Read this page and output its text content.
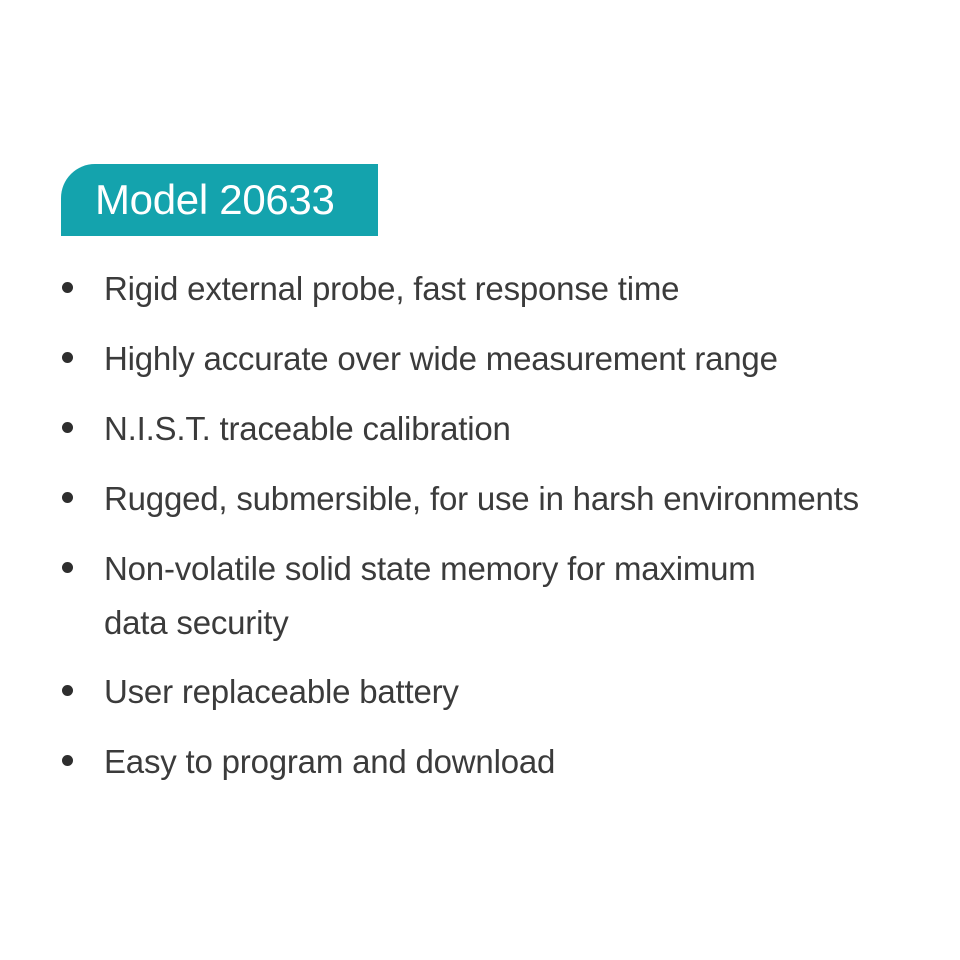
Model 20633
Rigid external probe, fast response time
Highly accurate over wide measurement range
N.I.S.T. traceable calibration
Rugged, submersible, for use in harsh environments
Non-volatile solid state memory for maximum
data security
User replaceable battery
Easy to program and download
